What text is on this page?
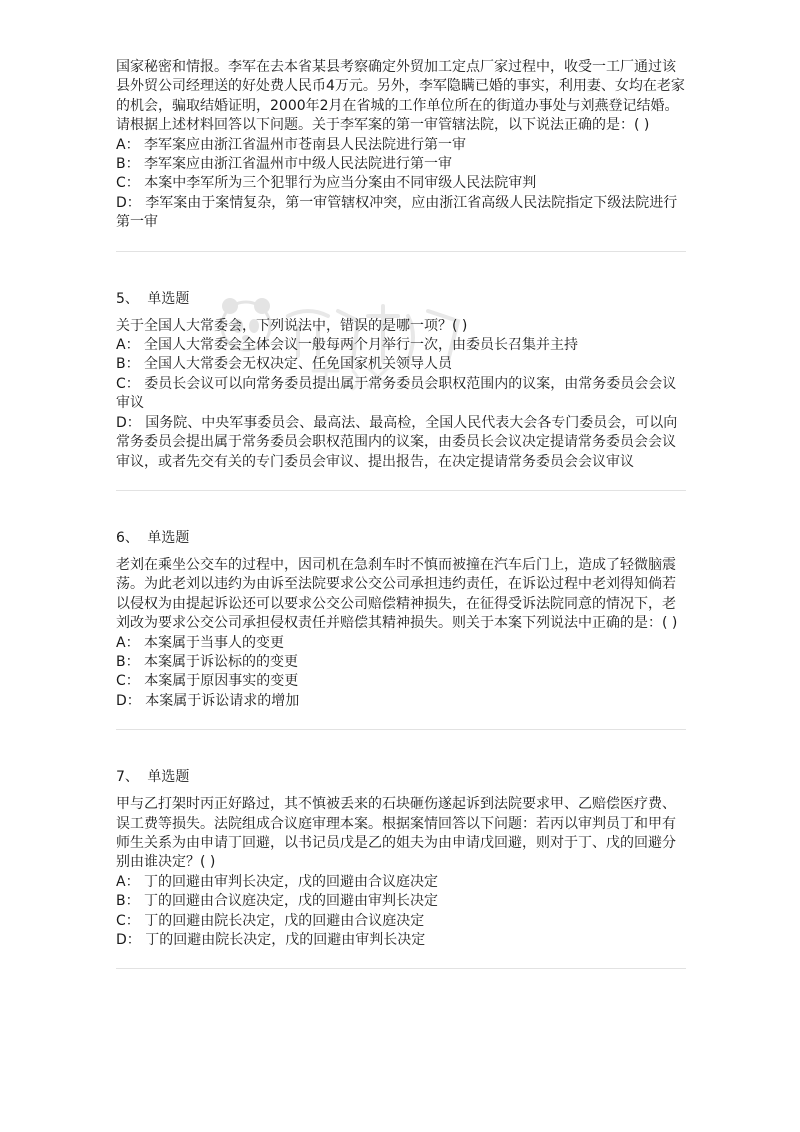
国家秘密和情报。李军在去本省某县考察确定外贸加工定点厂家过程中，收受一工厂通过该县外贸公司经理送的好处费人民币4万元。另外，李军隐瞒已婚的事实，利用妻、女均在老家的机会，骗取结婚证明，2000年2月在省城的工作单位所在的街道办事处与刘燕登记结婚。请根据上述材料回答以下问题。关于李军案的第一审管辖法院，以下说法正确的是：( )

A： 李军案应由浙江省温州市苍南县人民法院进行第一审

B： 李军案应由浙江省温州市中级人民法院进行第一审

C： 本案中李军所为三个犯罪行为应当分案由不同审级人民法院审判

D： 李军案由于案情复杂，第一审管辖权冲突，应由浙江省高级人民法院指定下级法院进行第一审

5、 单选题

关于全国人大常委会，下列说法中，错误的是哪一项？( )

A： 全国人大常委会全体会议一般每两个月举行一次，由委员长召集并主持

B： 全国人大常委会无权决定、任免国家机关领导人员

C： 委员长会议可以向常务委员提出属于常务委员会职权范围内的议案，由常务委员会会议审议

D： 国务院、中央军事委员会、最高法、最高检，全国人民代表大会各专门委员会，可以向常务委员会提出属于常务委员会职权范围内的议案，由委员长会议决定提请常务委员会会议审议，或者先交有关的专门委员会审议、提出报告，在决定提请常务委员会会议审议

6、 单选题

老刘在乘坐公交车的过程中，因司机在急刹车时不慎而被撞在汽车后门上，造成了轻微脑震荡。为此老刘以违约为由诉至法院要求公交公司承担违约责任，在诉讼过程中老刘得知倘若以侵权为由提起诉讼还可以要求公交公司赔偿精神损失，在征得受诉法院同意的情况下，老刘改为要求公交公司承担侵权责任并赔偿其精神损失。则关于本案下列说法中正确的是：( )

A： 本案属于当事人的变更

B： 本案属于诉讼标的的变更

C： 本案属于原因事实的变更

D： 本案属于诉讼请求的增加

7、 单选题

甲与乙打架时丙正好路过，其不慎被丢来的石块砸伤遂起诉到法院要求甲、乙赔偿医疗费、误工费等损失。法院组成合议庭审理本案。根据案情回答以下问题：若丙以审判员丁和甲有师生关系为由申请丁回避，以书记员戊是乙的姐夫为由申请戊回避，则对于丁、戊的回避分别由谁决定？( )

A： 丁的回避由审判长决定，戊的回避由合议庭决定

B： 丁的回避由合议庭决定，戊的回避由审判长决定

C： 丁的回避由院长决定，戊的回避由合议庭决定

D： 丁的回避由院长决定，戊的回避由审判长决定
